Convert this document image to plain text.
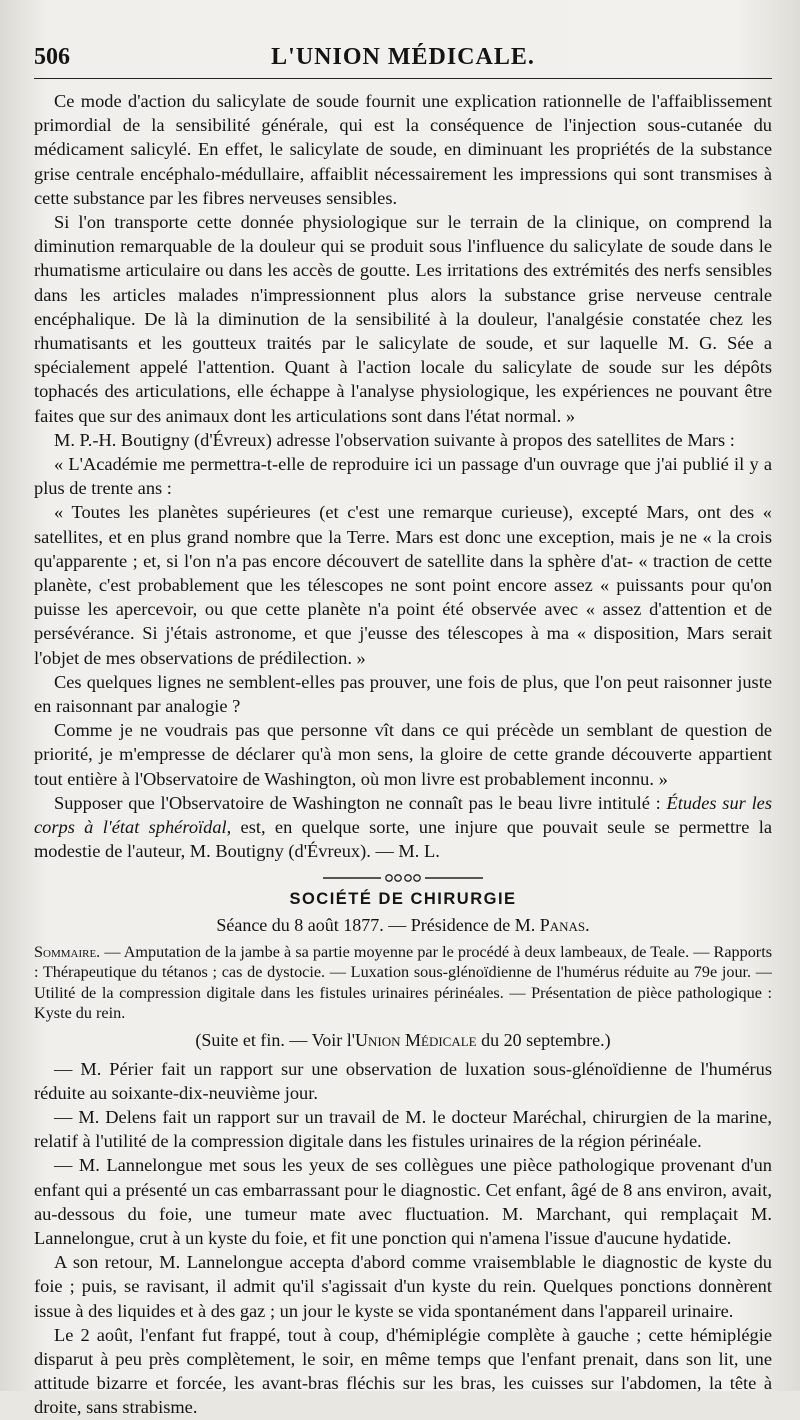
506	L'UNION MÉDICALE.

Ce mode d'action du salicylate de soude fournit une explication rationnelle de l'affaiblissement primordial de la sensibilité générale, qui est la conséquence de l'injection sous-cutanée du médicament salicylé. En effet, le salicylate de soude, en diminuant les propriétés de la substance grise centrale encéphalo-médullaire, affaiblit nécessairement les impressions qui sont transmises à cette substance par les fibres nerveuses sensibles.

Si l'on transporte cette donnée physiologique sur le terrain de la clinique, on comprend la diminution remarquable de la douleur qui se produit sous l'influence du salicylate de soude dans le rhumatisme articulaire ou dans les accès de goutte. Les irritations des extrémités des nerfs sensibles dans les articles malades n'impressionnent plus alors la substance grise nerveuse centrale encéphalique. De là la diminution de la sensibilité à la douleur, l'analgésie constatée chez les rhumatisants et les goutteux traités par le salicylate de soude, et sur laquelle M. G. Sée a spécialement appelé l'attention. Quant à l'action locale du salicylate de soude sur les dépôts tophacés des articulations, elle échappe à l'analyse physiologique, les expériences ne pouvant être faites que sur des animaux dont les articulations sont dans l'état normal. »

M. P.-H. Boutigny (d'Évreux) adresse l'observation suivante à propos des satellites de Mars :

« L'Académie me permettra-t-elle de reproduire ici un passage d'un ouvrage que j'ai publié il y a plus de trente ans :

« Toutes les planètes supérieures (et c'est une remarque curieuse), excepté Mars, ont des « satellites, et en plus grand nombre que la Terre. Mars est donc une exception, mais je ne « la crois qu'apparente ; et, si l'on n'a pas encore découvert de satellite dans la sphère d'at- « traction de cette planète, c'est probablement que les télescopes ne sont point encore assez « puissants pour qu'on puisse les apercevoir, ou que cette planète n'a point été observée avec « assez d'attention et de persévérance. Si j'étais astronome, et que j'eusse des télescopes à ma « disposition, Mars serait l'objet de mes observations de prédilection. »

Ces quelques lignes ne semblent-elles pas prouver, une fois de plus, que l'on peut raisonner juste en raisonnant par analogie ?

Comme je ne voudrais pas que personne vît dans ce qui précède un semblant de question de priorité, je m'empresse de déclarer qu'à mon sens, la gloire de cette grande découverte appartient tout entière à l'Observatoire de Washington, où mon livre est probablement inconnu. »

Supposer que l'Observatoire de Washington ne connaît pas le beau livre intitulé : Études sur les corps à l'état sphéroïdal, est, en quelque sorte, une injure que pouvait seule se permettre la modestie de l'auteur, M. Boutigny (d'Évreux). — M. L.

SOCIÉTÉ DE CHIRURGIE
Séance du 8 août 1877. — Présidence de M. Panas.
Sommaire. — Amputation de la jambe à sa partie moyenne par le procédé à deux lambeaux, de Teale. — Rapports : Thérapeutique du tétanos ; cas de dystocie. — Luxation sous-glénoïdienne de l'humérus réduite au 79e jour. — Utilité de la compression digitale dans les fistules urinaires périnéales. — Présentation de pièce pathologique : Kyste du rein.
(Suite et fin. — Voir l'Union Médicale du 20 septembre.)

— M. Périer fait un rapport sur une observation de luxation sous-glénoïdienne de l'humérus réduite au soixante-dix-neuvième jour.

— M. Delens fait un rapport sur un travail de M. le docteur Maréchal, chirurgien de la marine, relatif à l'utilité de la compression digitale dans les fistules urinaires de la région périnéale.

— M. Lannelongue met sous les yeux de ses collègues une pièce pathologique provenant d'un enfant qui a présenté un cas embarrassant pour le diagnostic. Cet enfant, âgé de 8 ans environ, avait, au-dessous du foie, une tumeur mate avec fluctuation. M. Marchant, qui remplaçait M. Lannelongue, crut à un kyste du foie, et fit une ponction qui n'amena l'issue d'aucune hydatide.

A son retour, M. Lannelongue accepta d'abord comme vraisemblable le diagnostic de kyste du foie ; puis, se ravisant, il admit qu'il s'agissait d'un kyste du rein. Quelques ponctions donnèrent issue à des liquides et à des gaz ; un jour le kyste se vida spontanément dans l'appareil urinaire.

Le 2 août, l'enfant fut frappé, tout à coup, d'hémiplégie complète à gauche ; cette hémiplégie disparut à peu près complètement, le soir, en même temps que l'enfant prenait, dans son lit, une attitude bizarre et forcée, les avant-bras fléchis sur les bras, les cuisses sur l'abdomen, la tête à droite, sans strabisme.
